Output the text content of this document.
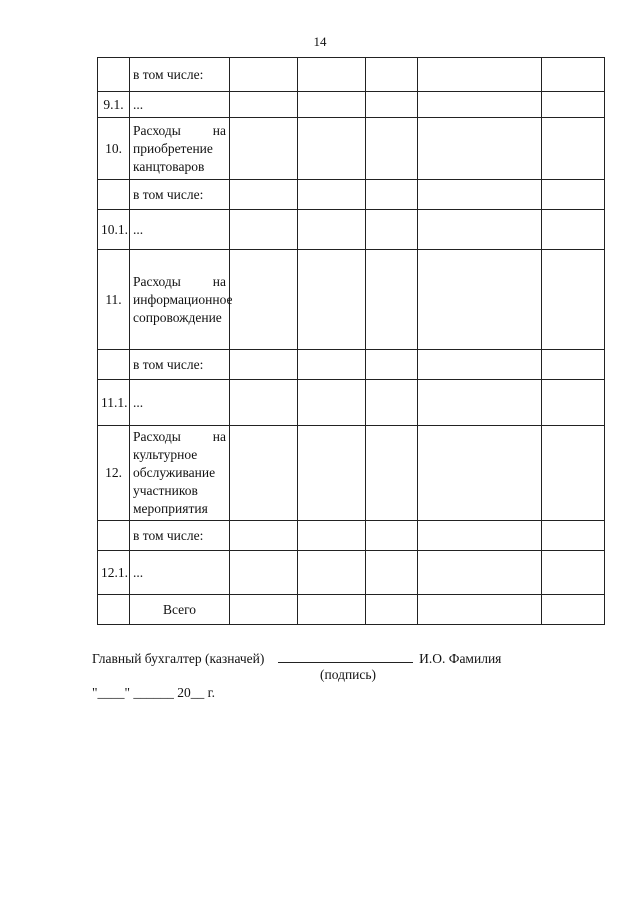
14
	в том числе:					
9.1.	...					
10.	Расходы на приобретение канцтоваров					
	в том числе:					
10.1.	...					
11.	Расходы на информационное сопровождение					
	в том числе:					
11.1.	...					
12.	Расходы на культурное обслуживание участников мероприятия					
	в том числе:					
12.1.	...					
	Всего					
Главный бухгалтер (казначей)	И.О. Фамилия
(подпись)
"____" ______ 20__ г.
